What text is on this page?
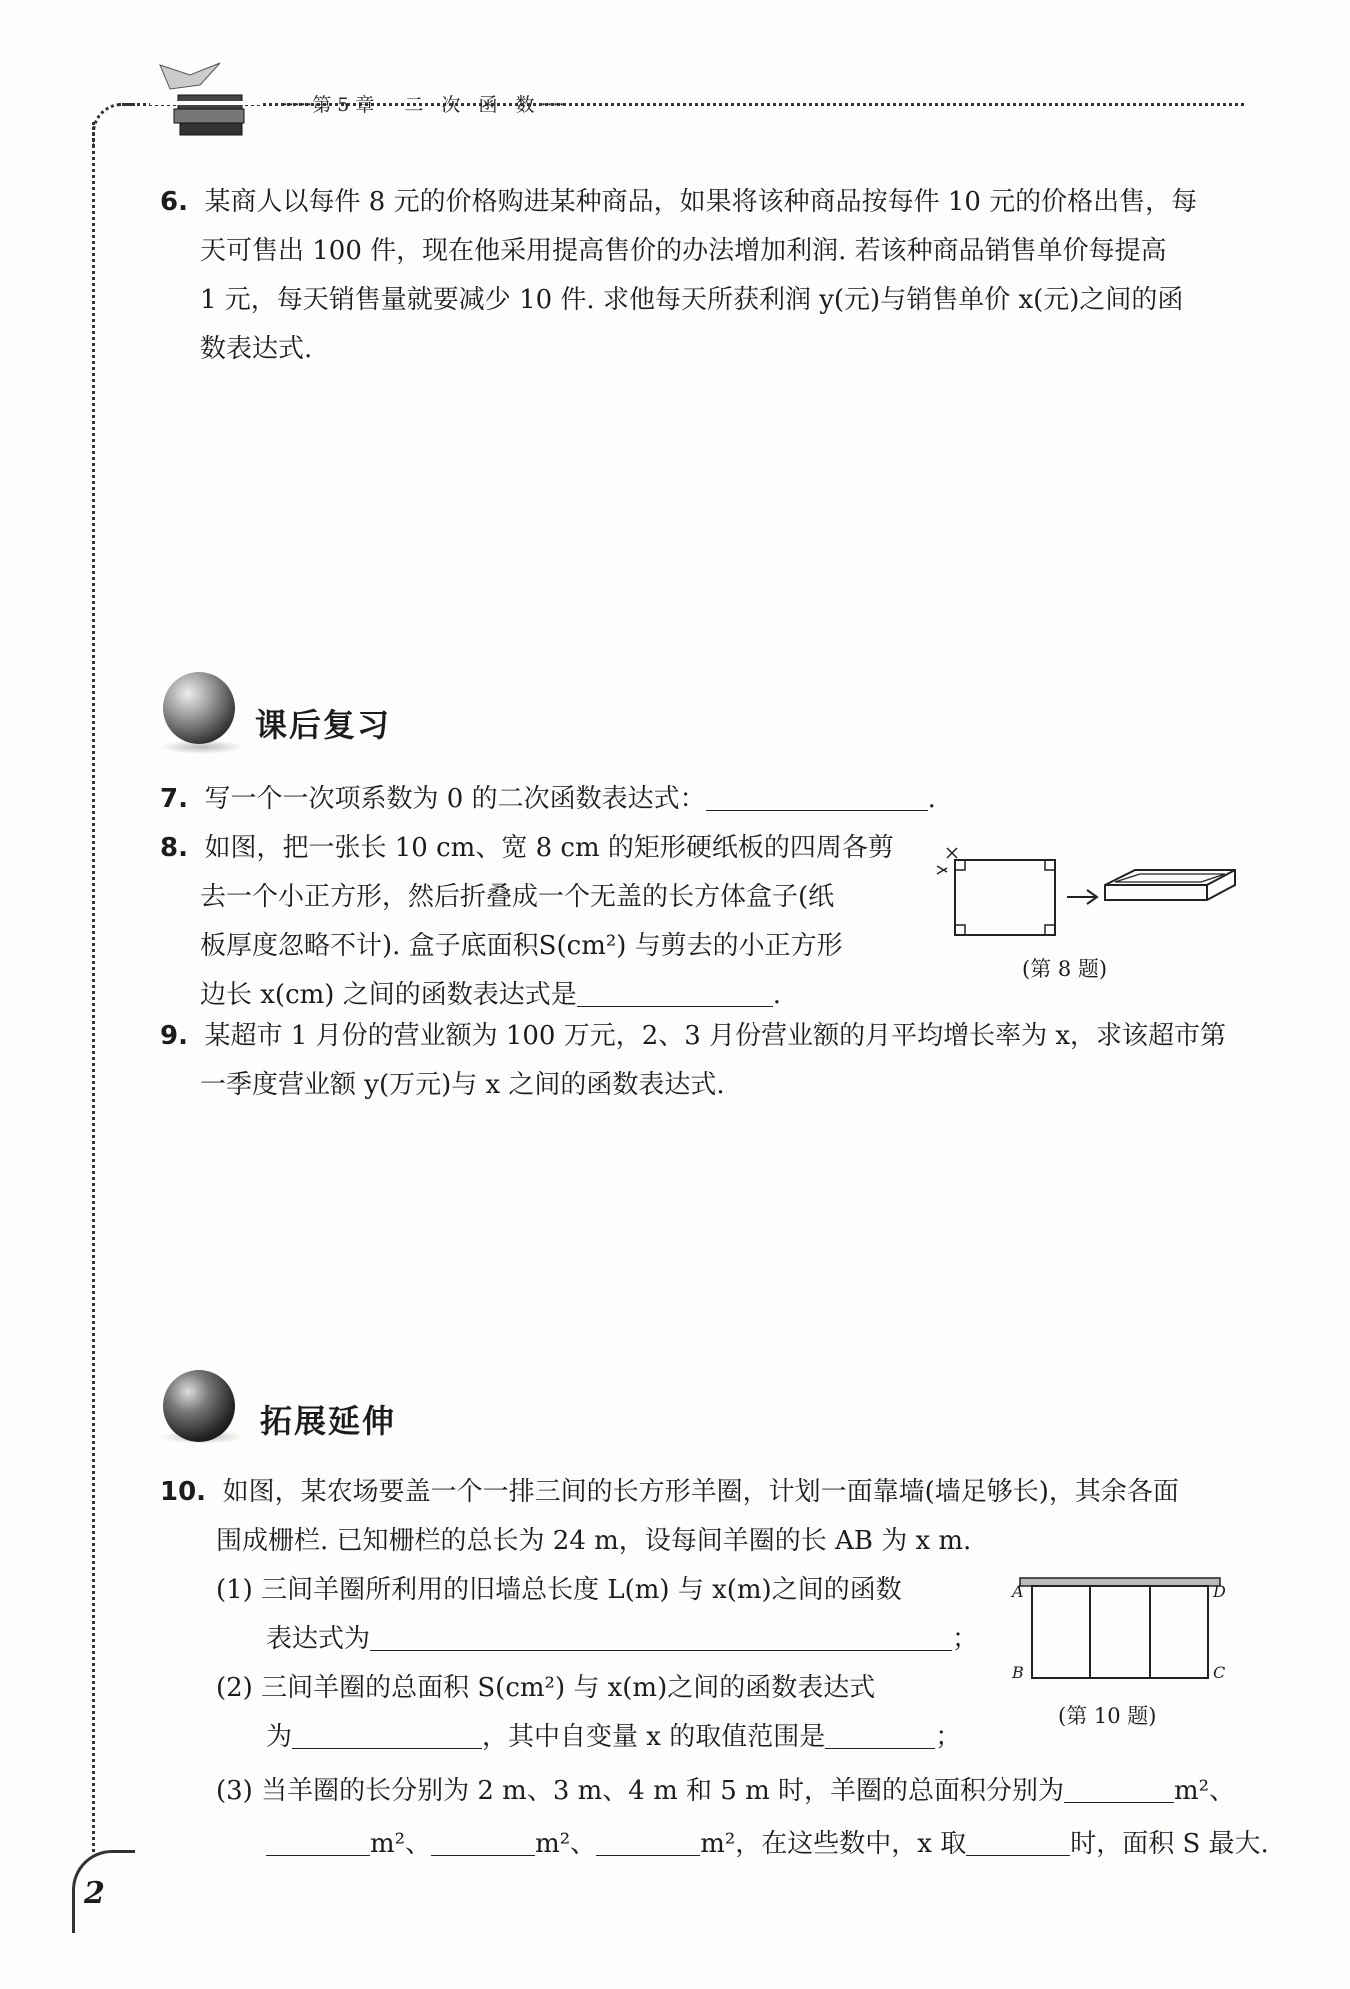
·····第5章 二 次 函 数····
6. 某商人以每件 8 元的价格购进某种商品，如果将该种商品按每件 10 元的价格出售，每
天可售出 100 件，现在他采用提高售价的办法增加利润. 若该种商品销售单价每提高
1 元，每天销售量就要减少 10 件. 求他每天所获利润 y(元)与销售单价 x(元)之间的函
数表达式.
课后复习
7. 写一个一次项系数为 0 的二次函数表达式：	.
8. 如图，把一张长 10 cm、宽 8 cm 的矩形硬纸板的四周各剪
去一个小正方形，然后折叠成一个无盖的长方体盒子(纸
板厚度忽略不计). 盒子底面积S(cm²) 与剪去的小正方形
边长 x(cm) 之间的函数表达式是	.
(第 8 题)
9. 某超市 1 月份的营业额为 100 万元，2、3 月份营业额的月平均增长率为 x，求该超市第
一季度营业额 y(万元)与 x 之间的函数表达式.
拓展延伸
10. 如图，某农场要盖一个一排三间的长方形羊圈，计划一面靠墙(墙足够长)，其余各面
围成栅栏. 已知栅栏的总长为 24 m，设每间羊圈的长 AB 为 x m.
(1) 三间羊圈所利用的旧墙总长度 L(m) 与 x(m)之间的函数
表达式为	；
(2) 三间羊圈的总面积 S(cm²) 与 x(m)之间的函数表达式
为	，其中自变量 x 的取值范围是	；
(3) 当羊圈的长分别为 2 m、3 m、4 m 和 5 m 时，羊圈的总面积分别为	m²、
m²、	m²、	m²，在这些数中，x 取	时，面积 S 最大.
A
B	C
D
(第 10 题)
2
